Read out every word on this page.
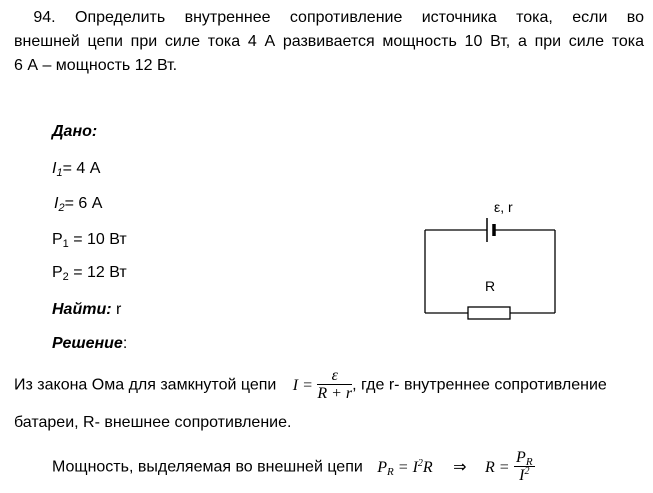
94. Определить внутреннее сопротивление источника тока, если во
внешней цепи при силе тока 4 А развивается мощность 10 Вт, а при силе тока
6 А – мощность 12 Вт.
Дано:
$I_1= 4$ А
$I_2= 6$ А
$P_1 = 10$ Вт
$P_2 = 12$ Вт
Найти: r
Решение:
Из закона Ома для замкнутой цепи $I = \frac{\varepsilon}{R + r}$ , где r- внутреннее сопротивление
батареи, R- внешнее сопротивление.
Мощность, выделяемая во внешней цепи $P_R = I^2R$ ⇒ $R = \frac{P_R}{I^2}$
ε, r
R
